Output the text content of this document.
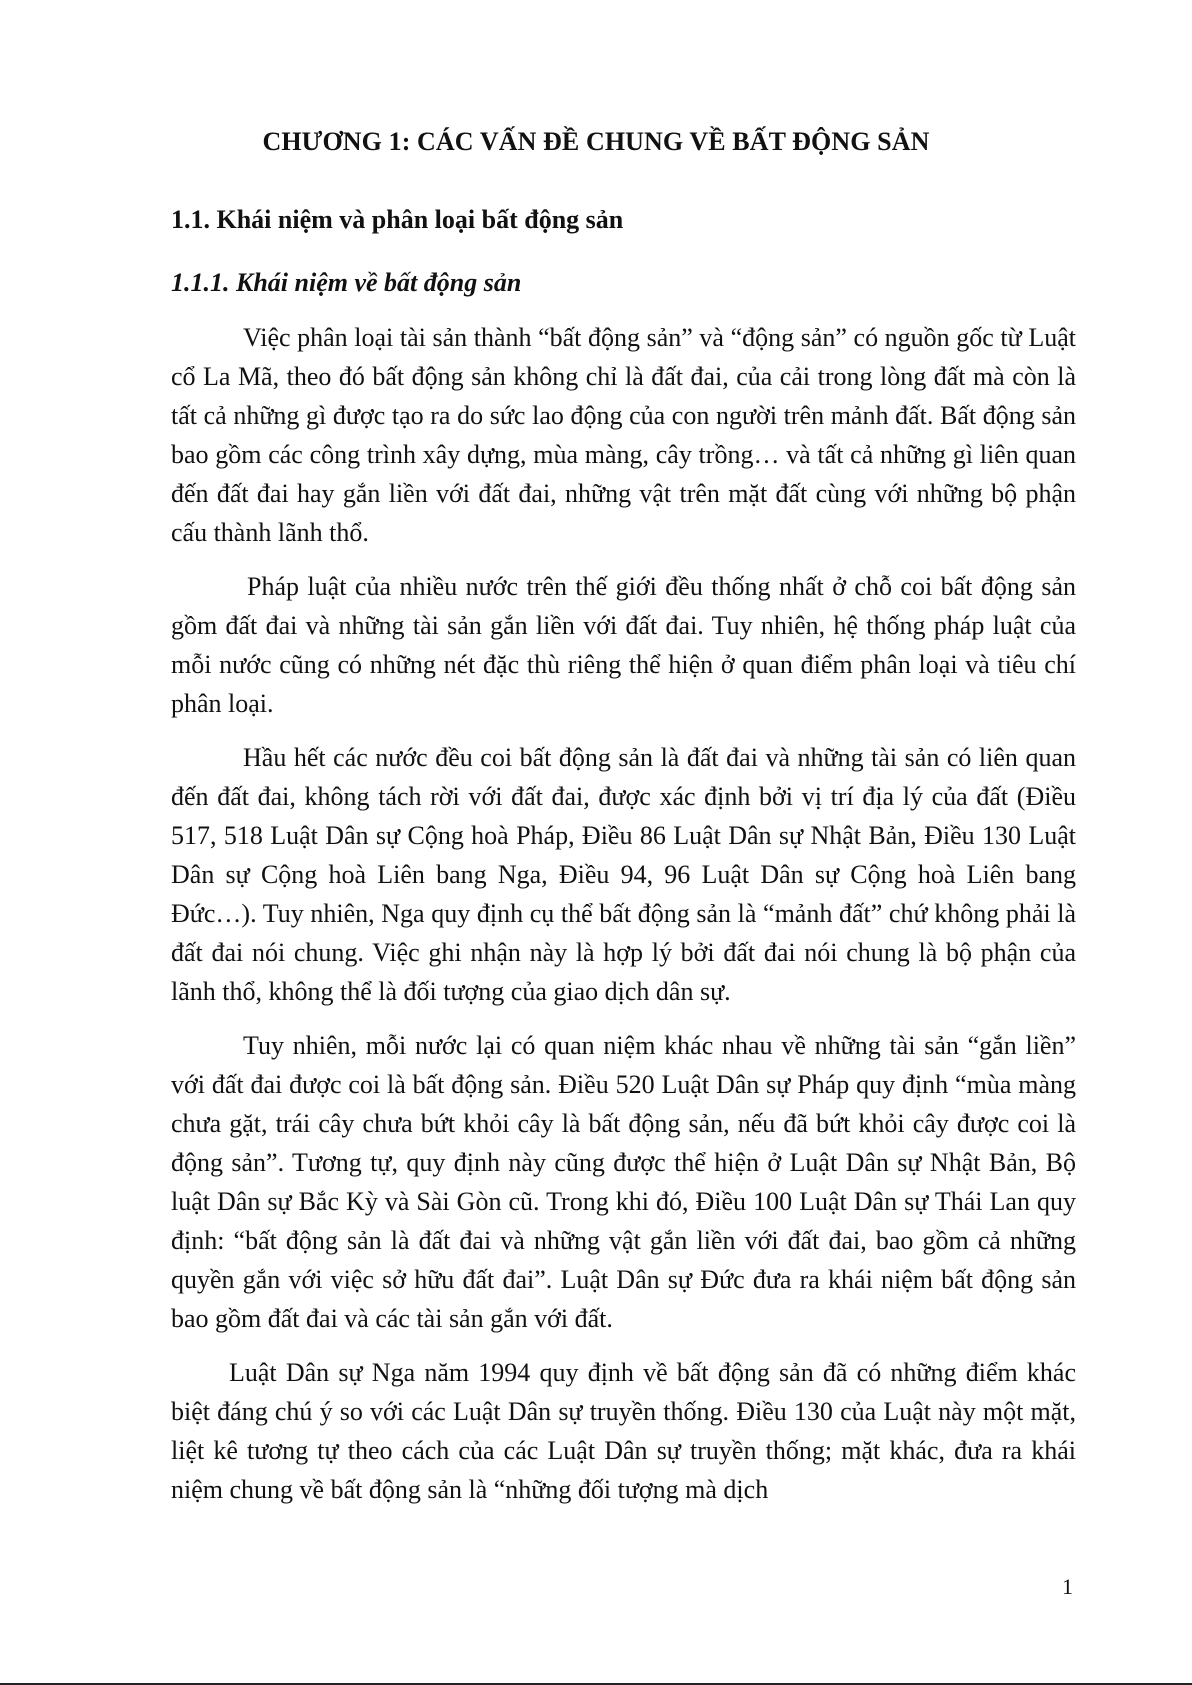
CHƯƠNG 1: CÁC VẤN ĐỀ CHUNG VỀ BẤT ĐỘNG SẢN
1.1. Khái niệm và phân loại bất động sản
1.1.1. Khái niệm về bất động sản

Việc phân loại tài sản thành “bất động sản” và “động sản” có nguồn gốc từ Luật cổ La Mã, theo đó bất động sản không chỉ là đất đai, của cải trong lòng đất mà còn là tất cả những gì được tạo ra do sức lao động của con người trên mảnh đất. Bất động sản bao gồm các công trình xây dựng, mùa màng, cây trồng… và tất cả những gì liên quan đến đất đai hay gắn liền với đất đai, những vật trên mặt đất cùng với những bộ phận cấu thành lãnh thổ.

Pháp luật của nhiều nước trên thế giới đều thống nhất ở chỗ coi bất động sản gồm đất đai và những tài sản gắn liền với đất đai. Tuy nhiên, hệ thống pháp luật của mỗi nước cũng có những nét đặc thù riêng thể hiện ở quan điểm phân loại và tiêu chí phân loại.

Hầu hết các nước đều coi bất động sản là đất đai và những tài sản có liên quan đến đất đai, không tách rời với đất đai, được xác định bởi vị trí địa lý của đất (Điều 517, 518 Luật Dân sự Cộng hoà Pháp, Điều 86 Luật Dân sự Nhật Bản, Điều 130 Luật Dân sự Cộng hoà Liên bang Nga, Điều 94, 96 Luật Dân sự Cộng hoà Liên bang Đức…). Tuy nhiên, Nga quy định cụ thể bất động sản là “mảnh đất” chứ không phải là đất đai nói chung. Việc ghi nhận này là hợp lý bởi đất đai nói chung là bộ phận của lãnh thổ, không thể là đối tượng của giao dịch dân sự.

Tuy nhiên, mỗi nước lại có quan niệm khác nhau về những tài sản “gắn liền” với đất đai được coi là bất động sản. Điều 520 Luật Dân sự Pháp quy định “mùa màng chưa gặt, trái cây chưa bứt khỏi cây là bất động sản, nếu đã bứt khỏi cây được coi là động sản”. Tương tự, quy định này cũng được thể hiện ở Luật Dân sự Nhật Bản, Bộ luật Dân sự Bắc Kỳ và Sài Gòn cũ. Trong khi đó, Điều 100 Luật Dân sự Thái Lan quy định: “bất động sản là đất đai và những vật gắn liền với đất đai, bao gồm cả những quyền gắn với việc sở hữu đất đai”. Luật Dân sự Đức đưa ra khái niệm bất động sản bao gồm đất đai và các tài sản gắn với đất.

Luật Dân sự Nga năm 1994 quy định về bất động sản đã có những điểm khác biệt đáng chú ý so với các Luật Dân sự truyền thống. Điều 130 của Luật này một mặt, liệt kê tương tự theo cách của các Luật Dân sự truyền thống; mặt khác, đưa ra khái niệm chung về bất động sản là “những đối tượng mà dịch

1
